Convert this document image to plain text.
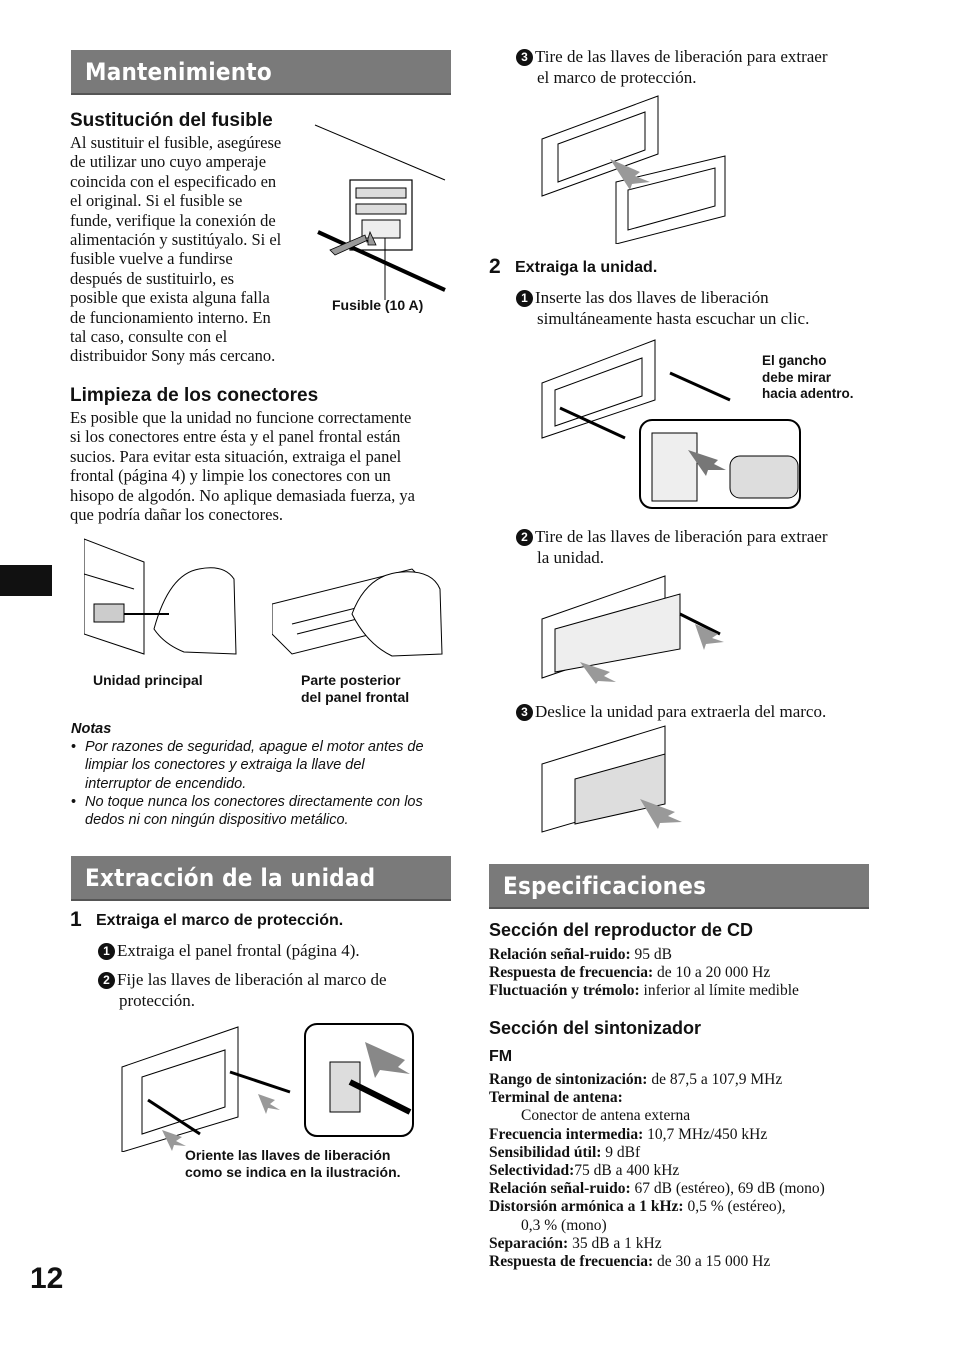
Mantenimiento
Sustitución del fusible
Al sustituir el fusible, asegúrese
de utilizar uno cuyo amperaje
coincida con el especificado en
el original. Si el fusible se
funde, verifique la conexión de
alimentación y sustitúyalo. Si el
fusible vuelve a fundirse
después de sustituirlo, es
posible que exista alguna falla
de funcionamiento interno. En
tal caso, consulte con el
distribuidor Sony más cercano.
Fusible (10 A)
Limpieza de los conectores
Es posible que la unidad no funcione correctamente
si los conectores entre ésta y el panel frontal están
sucios. Para evitar esta situación, extraiga el panel
frontal (página 4) y limpie los conectores con un
hisopo de algodón. No aplique demasiada fuerza, ya
que podría dañar los conectores.
Unidad principal	Parte posterior
del panel frontal
Notas
• Por razones de seguridad, apague el motor antes de
limpiar los conectores y extraiga la llave del
interruptor de encendido.
• No toque nunca los conectores directamente con los
dedos ni con ningún dispositivo metálico.
Extracción de la unidad
1 Extraiga el marco de protección.
1 Extraiga el panel frontal (página 4).
2 Fije las llaves de liberación al marco de
protección.
Oriente las llaves de liberación
como se indica en la ilustración.
3 Tire de las llaves de liberación para extraer
el marco de protección.
2 Extraiga la unidad.
1 Inserte las dos llaves de liberación
simultáneamente hasta escuchar un clic.
El gancho
debe mirar
hacia adentro.
2 Tire de las llaves de liberación para extraer
la unidad.
3 Deslice la unidad para extraerla del marco.
Especificaciones
Sección del reproductor de CD
Relación señal-ruido: 95 dB
Respuesta de frecuencia: de 10 a 20 000 Hz
Fluctuación y trémolo: inferior al límite medible
Sección del sintonizador
FM
Rango de sintonización: de 87,5 a 107,9 MHz
Terminal de antena:
Conector de antena externa
Frecuencia intermedia: 10,7 MHz/450 kHz
Sensibilidad útil: 9 dBf
Selectividad:75 dB a 400 kHz
Relación señal-ruido: 67 dB (estéreo), 69 dB (mono)
Distorsión armónica a 1 kHz: 0,5 % (estéreo),
0,3 % (mono)
Separación: 35 dB a 1 kHz
Respuesta de frecuencia: de 30 a 15 000 Hz
12
